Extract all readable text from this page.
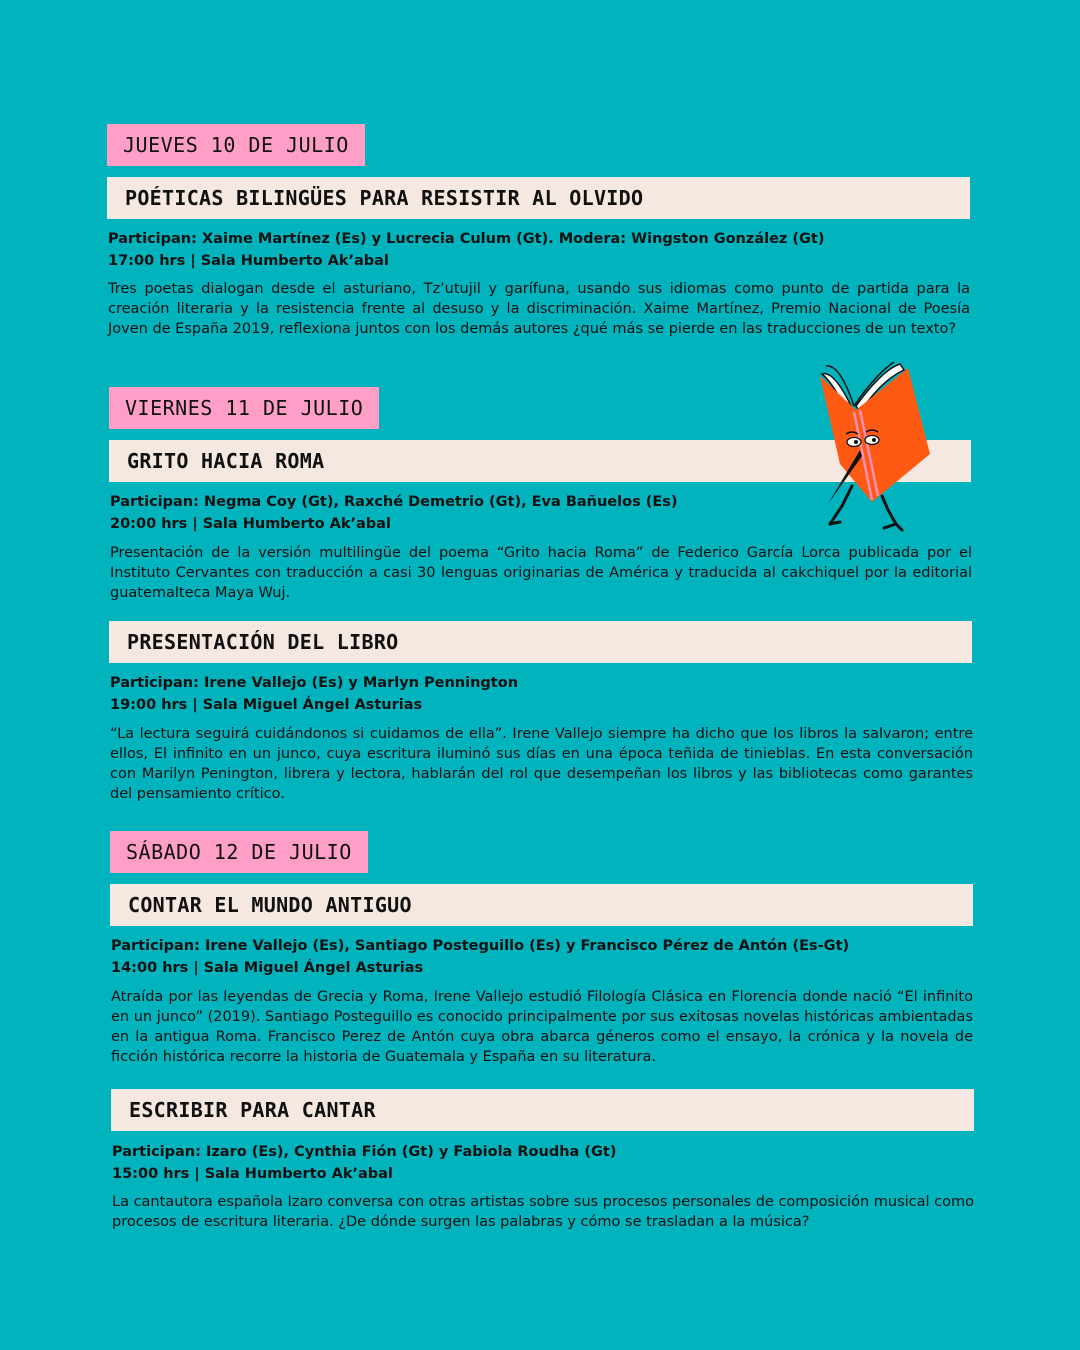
JUEVES 10 DE JULIO
POÉTICAS BILINGÜES PARA RESISTIR AL OLVIDO
Participan: Xaime Martínez (Es) y Lucrecia Culum (Gt). Modera: Wingston González (Gt)
17:00 hrs | Sala Humberto Ak’abal
Tres poetas dialogan desde el asturiano, Tz’utujil y garífuna, usando sus idiomas como punto de partida para la creación literaria y la resistencia frente al desuso y la discriminación. Xaime Martínez, Premio Nacional de Poesía Joven de España 2019, reflexiona juntos con los demás autores ¿qué más se pierde en las traducciones de un texto?
VIERNES 11 DE JULIO
GRITO HACIA ROMA
Participan: Negma Coy (Gt), Raxché Demetrio (Gt), Eva Bañuelos (Es)
20:00 hrs | Sala Humberto Ak’abal
Presentación de la versión multilingüe del poema “Grito hacia Roma” de Federico García Lorca publicada por el Instituto Cervantes con traducción a casi 30 lenguas originarias de América y traducida al cakchiquel por la editorial guatemalteca Maya Wuj.
PRESENTACIÓN DEL LIBRO
Participan: Irene Vallejo (Es) y Marlyn Pennington
19:00 hrs | Sala Miguel Ángel Asturias
“La lectura seguirá cuidándonos si cuidamos de ella”. Irene Vallejo siempre ha dicho que los libros la salvaron; entre ellos, El infinito en un junco, cuya escritura iluminó sus días en una época teñida de tinieblas. En esta conversación con Marilyn Penington, librera y lectora, hablarán del rol que desempeñan los libros y las bibliotecas como garantes del pensamiento crítico.
SÁBADO 12 DE JULIO
CONTAR EL MUNDO ANTIGUO
Participan: Irene Vallejo (Es), Santiago Posteguillo (Es) y Francisco Pérez de Antón (Es-Gt)
14:00 hrs | Sala Miguel Ángel Asturias
Atraída por las leyendas de Grecia y Roma, Irene Vallejo estudió Filología Clásica en Florencia donde nació “El infinito en un junco” (2019). Santiago Posteguillo es conocido principalmente por sus exitosas novelas históricas ambientadas en la antigua Roma. Francisco Perez de Antón cuya obra abarca géneros como el ensayo, la crónica y la novela de ficción histórica recorre la historia de Guatemala y España en su literatura.
ESCRIBIR PARA CANTAR
Participan: Izaro (Es), Cynthia Fión (Gt) y Fabiola Roudha (Gt)
15:00 hrs | Sala Humberto Ak’abal
La cantautora española Izaro conversa con otras artistas sobre sus procesos personales de composición musical como procesos de escritura literaria. ¿De dónde surgen las palabras y cómo se trasladan a la música?
